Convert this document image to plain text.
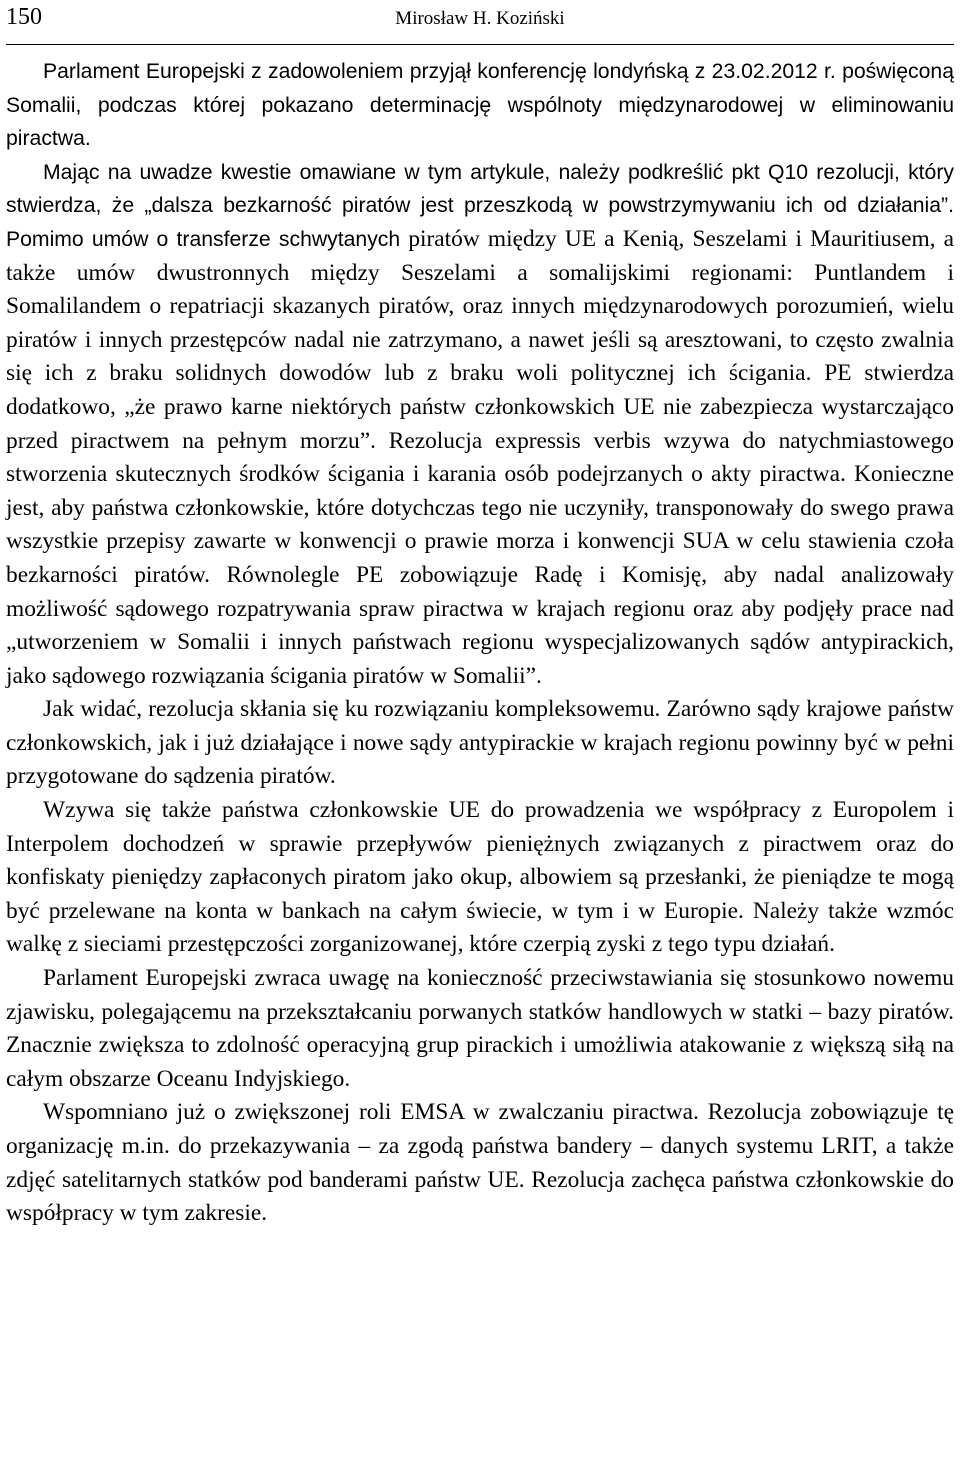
150	Mirosław H. Koziński

Parlament Europejski z zadowoleniem przyjął konferencję londyńską z 23.02.2012 r. poświęconą Somalii, podczas której pokazano determinację wspólnoty międzynarodowej w eliminowaniu piractwa.

Mając na uwadze kwestie omawiane w tym artykule, należy podkreślić pkt Q10 rezolucji, który stwierdza, że „dalsza bezkarność piratów jest przeszkodą w powstrzymywaniu ich od działania”. Pomimo umów o transferze schwytanych piratów między UE a Kenią, Seszelami i Mauritiusem, a także umów dwustronnych między Seszelami a somalijskimi regionami: Puntlandem i Somalilandem o repatriacji skazanych piratów, oraz innych międzynarodowych porozumień, wielu piratów i innych przestępców nadal nie zatrzymano, a nawet jeśli są aresztowani, to często zwalnia się ich z braku solidnych dowodów lub z braku woli politycznej ich ścigania. PE stwierdza dodatkowo, „że prawo karne niektórych państw członkowskich UE nie zabezpiecza wystarczająco przed piractwem na pełnym morzu”. Rezolucja expressis verbis wzywa do natychmiastowego stworzenia skutecznych środków ścigania i karania osób podejrzanych o akty piractwa. Konieczne jest, aby państwa członkowskie, które dotychczas tego nie uczyniły, transponowały do swego prawa wszystkie przepisy zawarte w konwencji o prawie morza i konwencji SUA w celu stawienia czoła bezkarności piratów. Równolegle PE zobowiązuje Radę i Komisję, aby nadal analizowały możliwość sądowego rozpatrywania spraw piractwa w krajach regionu oraz aby podjęły prace nad „utworzeniem w Somalii i innych państwach regionu wyspecjalizowanych sądów antypirackich, jako sądowego rozwiązania ścigania piratów w Somalii”.

Jak widać, rezolucja skłania się ku rozwiązaniu kompleksowemu. Zarówno sądy krajowe państw członkowskich, jak i już działające i nowe sądy antypirackie w krajach regionu powinny być w pełni przygotowane do sądzenia piratów.

Wzywa się także państwa członkowskie UE do prowadzenia we współpracy z Europolem i Interpolem dochodzeń w sprawie przepływów pieniężnych związanych z piractwem oraz do konfiskaty pieniędzy zapłaconych piratom jako okup, albowiem są przesłanki, że pieniądze te mogą być przelewane na konta w bankach na całym świecie, w tym i w Europie. Należy także wzmóc walkę z sieciami przestępczości zorganizowanej, które czerpią zyski z tego typu działań.

Parlament Europejski zwraca uwagę na konieczność przeciwstawiania się stosunkowo nowemu zjawisku, polegającemu na przekształcaniu porwanych statków handlowych w statki – bazy piratów. Znacznie zwiększa to zdolność operacyjną grup pirackich i umożliwia atakowanie z większą siłą na całym obszarze Oceanu Indyjskiego.

Wspomniano już o zwiększonej roli EMSA w zwalczaniu piractwa. Rezolucja zobowiązuje tę organizację m.in. do przekazywania – za zgodą państwa bandery – danych systemu LRIT, a także zdjęć satelitarnych statków pod banderami państw UE. Rezolucja zachęca państwa członkowskie do współpracy w tym zakresie.
